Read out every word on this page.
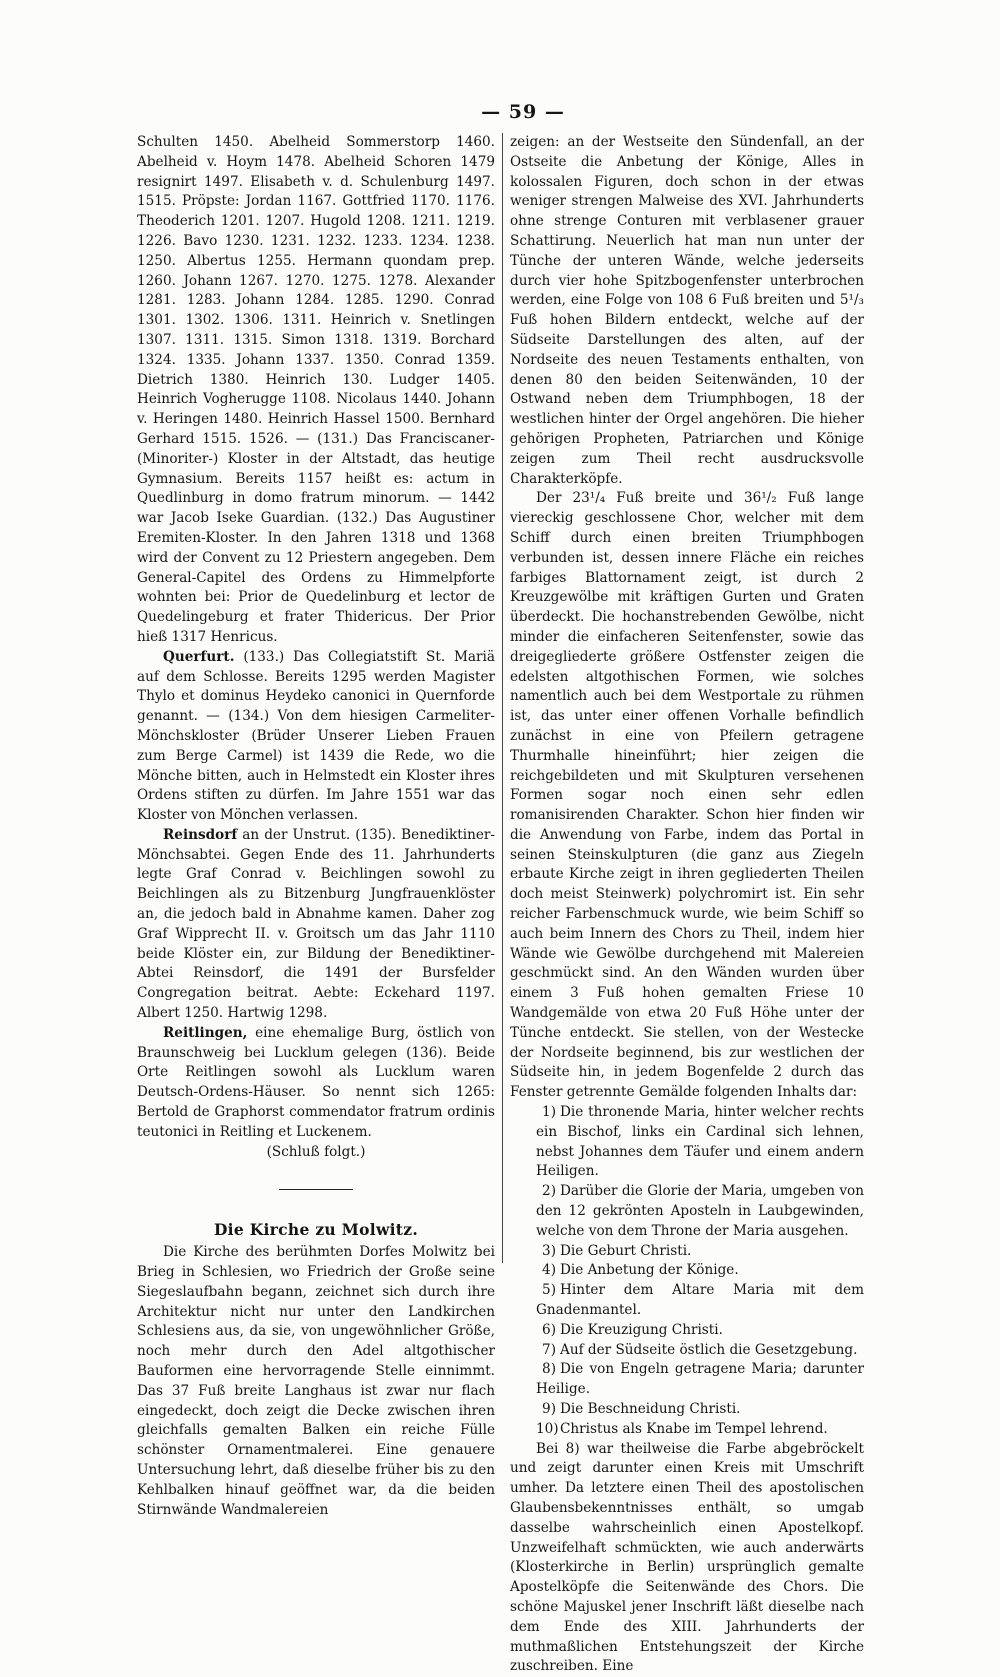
— 59 —

Schulten 1450. Abelheid Sommerstorp 1460. Abelheid v. Hoym 1478. Abelheid Schoren 1479 resignirt 1497. Elisabeth v. d. Schulenburg 1497. 1515. Pröpste: Jordan 1167. Gottfried 1170. 1176. Theoderich 1201. 1207. Hugold 1208. 1211. 1219. 1226. Bavo 1230. 1231. 1232. 1233. 1234. 1238. 1250. Albertus 1255. Hermann quondam prep. 1260. Johann 1267. 1270. 1275. 1278. Alexander 1281. 1283. Johann 1284. 1285. 1290. Conrad 1301. 1302. 1306. 1311. Heinrich v. Snetlingen 1307. 1311. 1315. Simon 1318. 1319. Borchard 1324. 1335. Johann 1337. 1350. Conrad 1359. Dietrich 1380. Heinrich 130. Ludger 1405. Heinrich Vogherugge 1108. Nicolaus 1440. Johann v. Heringen 1480. Heinrich Hassel 1500. Bernhard Gerhard 1515. 1526. — (131.) Das Franciscaner- (Minoriter-) Kloster in der Altstadt, das heutige Gymnasium. Bereits 1157 heißt es: actum in Quedlinburg in domo fratrum minorum. — 1442 war Jacob Iseke Guardian. (132.) Das Augustiner Eremiten-Kloster. In den Jahren 1318 und 1368 wird der Convent zu 12 Priestern angegeben. Dem General-Capitel des Ordens zu Himmelpforte wohnten bei: Prior de Quedelinburg et lector de Quedelingeburg et frater Thidericus. Der Prior hieß 1317 Henricus.

Querfurt. (133.) Das Collegiatstift St. Mariä auf dem Schlosse. Bereits 1295 werden Magister Thylo et dominus Heydeko canonici in Quernforde genannt. — (134.) Von dem hiesigen Carmeliter-Mönchskloster (Brüder Unserer Lieben Frauen zum Berge Carmel) ist 1439 die Rede, wo die Mönche bitten, auch in Helmstedt ein Kloster ihres Ordens stiften zu dürfen. Im Jahre 1551 war das Kloster von Mönchen verlassen.

Reinsdorf an der Unstrut. (135). Benediktiner-Mönchsabtei. Gegen Ende des 11. Jahrhunderts legte Graf Conrad v. Beichlingen sowohl zu Beichlingen als zu Bitzenburg Jungfrauenklöster an, die jedoch bald in Abnahme kamen. Daher zog Graf Wipprecht II. v. Groitsch um das Jahr 1110 beide Klöster ein, zur Bildung der Benediktiner-Abtei Reinsdorf, die 1491 der Bursfelder Congregation beitrat. Aebte: Eckehard 1197. Albert 1250. Hartwig 1298.

Reitlingen, eine ehemalige Burg, östlich von Braunschweig bei Lucklum gelegen (136). Beide Orte Reitlingen sowohl als Lucklum waren Deutsch-Ordens-Häuser. So nennt sich 1265: Bertold de Graphorst commendator fratrum ordinis teutonici in Reitling et Luckenem.

(Schluß folgt.)

Die Kirche zu Molwitz.

Die Kirche des berühmten Dorfes Molwitz bei Brieg in Schlesien, wo Friedrich der Große seine Siegeslaufbahn begann, zeichnet sich durch ihre Architektur nicht nur unter den Landkirchen Schlesiens aus, da sie, von ungewöhnlicher Größe, noch mehr durch den Adel altgothischer Bauformen eine hervorragende Stelle einnimmt. Das 37 Fuß breite Langhaus ist zwar nur flach eingedeckt, doch zeigt die Decke zwischen ihren gleichfalls gemalten Balken ein reiche Fülle schönster Ornamentmalerei. Eine genauere Untersuchung lehrt, daß dieselbe früher bis zu den Kehlbalken hinauf geöffnet war, da die beiden Stirnwände Wandmalereien

zeigen: an der Westseite den Sündenfall, an der Ostseite die Anbetung der Könige, Alles in kolossalen Figuren, doch schon in der etwas weniger strengen Malweise des XVI. Jahrhunderts ohne strenge Conturen mit verblasener grauer Schattirung. Neuerlich hat man nun unter der Tünche der unteren Wände, welche jederseits durch vier hohe Spitzbogenfenster unterbrochen werden, eine Folge von 108 6 Fuß breiten und 5¹/₃ Fuß hohen Bildern entdeckt, welche auf der Südseite Darstellungen des alten, auf der Nordseite des neuen Testaments enthalten, von denen 80 den beiden Seitenwänden, 10 der Ostwand neben dem Triumphbogen, 18 der westlichen hinter der Orgel angehören. Die hieher gehörigen Propheten, Patriarchen und Könige zeigen zum Theil recht ausdrucksvolle Charakterköpfe.

Der 23¹/₄ Fuß breite und 36¹/₂ Fuß lange viereckig geschlossene Chor, welcher mit dem Schiff durch einen breiten Triumphbogen verbunden ist, dessen innere Fläche ein reiches farbiges Blattornament zeigt, ist durch 2 Kreuzgewölbe mit kräftigen Gurten und Graten überdeckt. Die hochanstrebenden Gewölbe, nicht minder die einfacheren Seitenfenster, sowie das dreigegliederte größere Ostfenster zeigen die edelsten altgothischen Formen, wie solches namentlich auch bei dem Westportale zu rühmen ist, das unter einer offenen Vorhalle befindlich zunächst in eine von Pfeilern getragene Thurmhalle hineinführt; hier zeigen die reichgebildeten und mit Skulpturen versehenen Formen sogar noch einen sehr edlen romanisirenden Charakter. Schon hier finden wir die Anwendung von Farbe, indem das Portal in seinen Steinskulpturen (die ganz aus Ziegeln erbaute Kirche zeigt in ihren gegliederten Theilen doch meist Steinwerk) polychromirt ist. Ein sehr reicher Farbenschmuck wurde, wie beim Schiff so auch beim Innern des Chors zu Theil, indem hier Wände wie Gewölbe durchgehend mit Malereien geschmückt sind. An den Wänden wurden über einem 3 Fuß hohen gemalten Friese 10 Wandgemälde von etwa 20 Fuß Höhe unter der Tünche entdeckt. Sie stellen, von der Westecke der Nordseite beginnend, bis zur westlichen der Südseite hin, in jedem Bogenfelde 2 durch das Fenster getrennte Gemälde folgenden Inhalts dar:

1) Die thronende Maria, hinter welcher rechts ein Bischof, links ein Cardinal sich lehnen, nebst Johannes dem Täufer und einem andern Heiligen.

2) Darüber die Glorie der Maria, umgeben von den 12 gekrönten Aposteln in Laubgewinden, welche von dem Throne der Maria ausgehen.

3) Die Geburt Christi.

4) Die Anbetung der Könige.

5) Hinter dem Altare Maria mit dem Gnadenmantel.

6) Die Kreuzigung Christi.

7) Auf der Südseite östlich die Gesetzgebung.

8) Die von Engeln getragene Maria; darunter Heilige.

9) Die Beschneidung Christi.

10)Christus als Knabe im Tempel lehrend.

Bei 8) war theilweise die Farbe abgebröckelt und zeigt darunter einen Kreis mit Umschrift umher. Da letztere einen Theil des apostolischen Glaubensbekenntnisses enthält, so umgab dasselbe wahrscheinlich einen Apostelkopf. Unzweifelhaft schmückten, wie auch anderwärts (Klosterkirche in Berlin) ursprünglich gemalte Apostelköpfe die Seitenwände des Chors. Die schöne Majuskel jener Inschrift läßt dieselbe nach dem Ende des XIII. Jahrhunderts der muthmaßlichen Entstehungszeit der Kirche zuschreiben. Eine
